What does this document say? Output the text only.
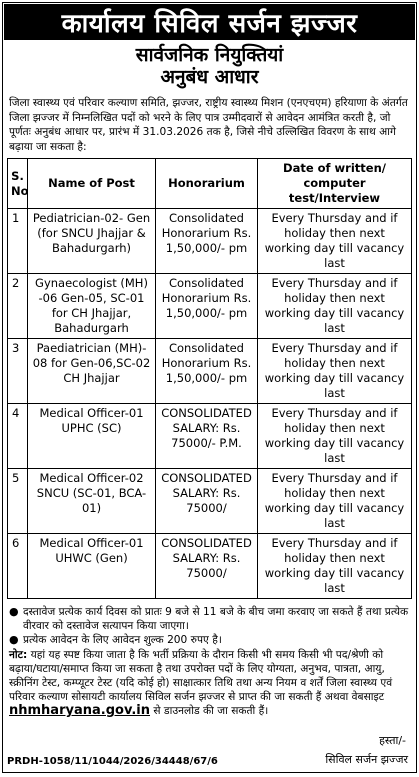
कार्यालय सिविल सर्जन झज्जर
सार्वजनिक नियुक्तियां
अनुबंध आधार
जिला स्वास्थ्य एवं परिवार कल्याण समिति, झज्जर, राष्ट्रीय स्वास्थ्य मिशन (एनएचएम) हरियाणा के अंतर्गत जिला झज्जर में निम्नलिखित पदों को भरने के लिए पात्र उम्मीदवारों से आवेदन आमंत्रित करती है, जो पूर्णतः अनुबंध आधार पर, प्रारंभ में 31.03.2026 तक है, जिसे नीचे उल्लिखित विवरण के साथ आगे बढ़ाया जा सकता है:
S. No	Name of Post	Honorarium	Date of written/ computer test/Interview
1	Pediatrician-02- Gen (for SNCU Jhajjar & Bahadurgarh)	Consolidated Honorarium Rs. 1,50,000/- pm	Every Thursday and if holiday then next working day till vacancy last
2	Gynaecologist (MH) -06 Gen-05, SC-01 for CH Jhajjar, Bahadurgarh	Consolidated Honorarium Rs. 1,50,000/- pm	Every Thursday and if holiday then next working day till vacancy last
3	Paediatrician (MH)- 08 for Gen-06,SC-02 CH Jhajjar	Consolidated Honorarium Rs. 1,50,000/- pm	Every Thursday and if holiday then next working day till vacancy last
4	Medical Officer-01 UPHC (SC)	CONSOLIDATED SALARY: Rs. 75000/- P.M.	Every Thursday and if holiday then next working day till vacancy last
5	Medical Officer-02 SNCU (SC-01, BCA-01)	CONSOLIDATED SALARY: Rs. 75000/	Every Thursday and if holiday then next working day till vacancy last
6	Medical Officer-01 UHWC (Gen)	CONSOLIDATED SALARY: Rs. 75000/	Every Thursday and if holiday then next working day till vacancy last
● दस्तावेज प्रत्येक कार्य दिवस को प्रातः 9 बजे से 11 बजे के बीच जमा करवाए जा सकते हैं तथा प्रत्येक वीरवार को दस्तावेज सत्यापन किया जाएगा।
● प्रत्येक आवेदन के लिए आवेदन शुल्क 200 रुपए है।
नोट: यहां यह स्पष्ट किया जाता है कि भर्ती प्रक्रिया के दौरान किसी भी समय किसी भी पद/श्रेणी को बढ़ाया/घटाया/समाप्त किया जा सकता है तथा उपरोक्त पदों के लिए योग्यता, अनुभव, पात्रता, आयु, स्क्रीनिंग टेस्ट, कम्प्यूटर टेस्ट (यदि कोई हो) साक्षात्कार तिथि तथा अन्य नियम व शर्तें जिला स्वास्थ्य एवं परिवार कल्याण सोसायटी कार्यालय सिविल सर्जन झज्जर से प्राप्त की जा सकती हैं अथवा वेबसाइट nhmharyana.gov.in से डाउनलोड की जा सकती हैं।
हस्ता/-
PRDH-1058/11/1044/2026/34448/67/6	सिविल सर्जन झज्जर
